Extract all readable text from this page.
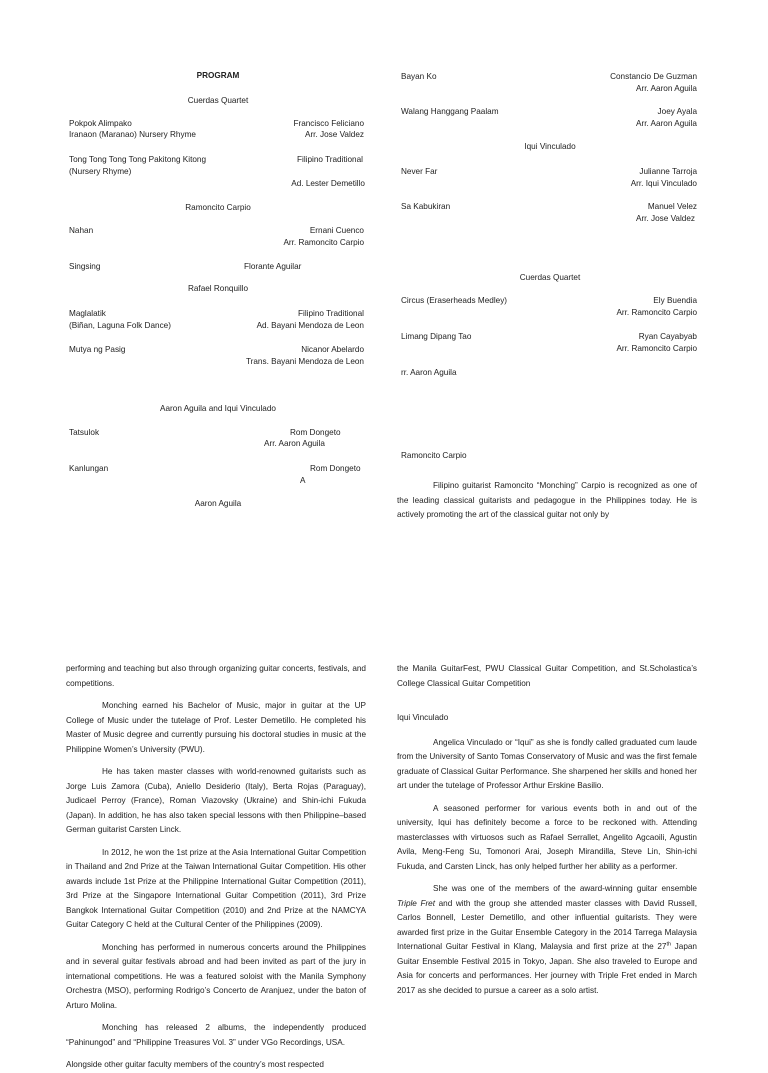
PROGRAM
Cuerdas Quartet
Pokpok Alimpako	Francisco Feliciano
Iranaon (Maranao) Nursery Rhyme	Arr. Jose Valdez
Tong Tong Tong Tong Pakitong Kitong	Filipino Traditional
(Nursery Rhyme)
Ad. Lester Demetillo
Ramoncito Carpio
Nahan	Ernani Cuenco
Arr. Ramoncito Carpio
Singsing	Florante Aguilar
Rafael Ronquillo
Maglalatik	Filipino Traditional
(Biñan, Laguna Folk Dance)	Ad. Bayani Mendoza de Leon
Mutya ng Pasig	Nicanor Abelardo
Trans. Bayani Mendoza de Leon
Aaron Aguila and Iqui Vinculado
Tatsulok	Rom Dongeto
Arr. Aaron Aguila
Kanlungan	Rom Dongeto
A
Aaron Aguila
Bayan Ko	Constancio De Guzman
Arr. Aaron Aguila
Walang Hanggang Paalam	Joey Ayala
Arr. Aaron Aguila
Iqui Vinculado
Never Far	Julianne Tarroja
Arr. Iqui Vinculado
Sa Kabukiran	Manuel Velez
Arr. Jose Valdez
Cuerdas Quartet
Circus (Eraserheads Medley)	Ely Buendia
Arr. Ramoncito Carpio
Limang Dipang Tao	Ryan Cayabyab
Arr. Ramoncito Carpio
rr. Aaron Aguila
Ramoncito Carpio

Filipino guitarist Ramoncito “Monching” Carpio is recognized as one of the leading classical guitarists and pedagogue in the Philippines today. He is actively promoting the art of the classical guitar not only by

performing and teaching but also through organizing guitar concerts, festivals, and competitions.

Monching earned his Bachelor of Music, major in guitar at the UP College of Music under the tutelage of Prof. Lester Demetillo. He completed his Master of Music degree and currently pursuing his doctoral studies in music at the Philippine Women’s University (PWU).

He has taken master classes with world-renowned guitarists such as Jorge Luis Zamora (Cuba), Aniello Desiderio (Italy), Berta Rojas (Paraguay), Judicael Perroy (France), Roman Viazovsky (Ukraine) and Shin-ichi Fukuda (Japan). In addition, he has also taken special lessons with then Philippine–based German guitarist Carsten Linck.

In 2012, he won the 1st prize at the Asia International Guitar Competition in Thailand and 2nd Prize at the Taiwan International Guitar Competition. His other awards include 1st Prize at the Philippine International Guitar Competition (2011), 3rd Prize at the Singapore International Guitar Competition (2011), 3rd Prize Bangkok International Guitar Competition (2010) and 2nd Prize at the NAMCYA Guitar Category C held at the Cultural Center of the Philippines (2009).

Monching has performed in numerous concerts around the Philippines and in several guitar festivals abroad and had been invited as part of the jury in international competitions. He was a featured soloist with the Manila Symphony Orchestra (MSO), performing Rodrigo’s Concerto de Aranjuez, under the baton of Arturo Molina.

Monching has released 2 albums, the independently produced “Pahinungod” and “Philippine Treasures Vol. 3” under VGo Recordings, USA.

Alongside other guitar faculty members of the country’s most respected

the Manila GuitarFest, PWU Classical Guitar Competition, and St.Scholastica’s College Classical Guitar Competition

Iqui Vinculado

Angelica Vinculado or “Iqui” as she is fondly called graduated cum laude from the University of Santo Tomas Conservatory of Music and was the first female graduate of Classical Guitar Performance. She sharpened her skills and honed her art under the tutelage of Professor Arthur Erskine Basilio.

A seasoned performer for various events both in and out of the university, Iqui has definitely become a force to be reckoned with. Attending masterclasses with virtuosos such as Rafael Serrallet, Angelito Agcaoili, Agustin Avila, Meng-Feng Su, Tomonori Arai, Joseph Mirandilla, Steve Lin, Shin-ichi Fukuda, and Carsten Linck, has only helped further her ability as a performer.

She was one of the members of the award-winning guitar ensemble Triple Fret and with the group she attended master classes with David Russell, Carlos Bonnell, Lester Demetillo, and other influential guitarists. They were awarded first prize in the Guitar Ensemble Category in the 2014 Tarrega Malaysia International Guitar Festival in Klang, Malaysia and first prize at the 27th Japan Guitar Ensemble Festival 2015 in Tokyo, Japan. She also traveled to Europe and Asia for concerts and performances. Her journey with Triple Fret ended in March 2017 as she decided to pursue a career as a solo artist.
